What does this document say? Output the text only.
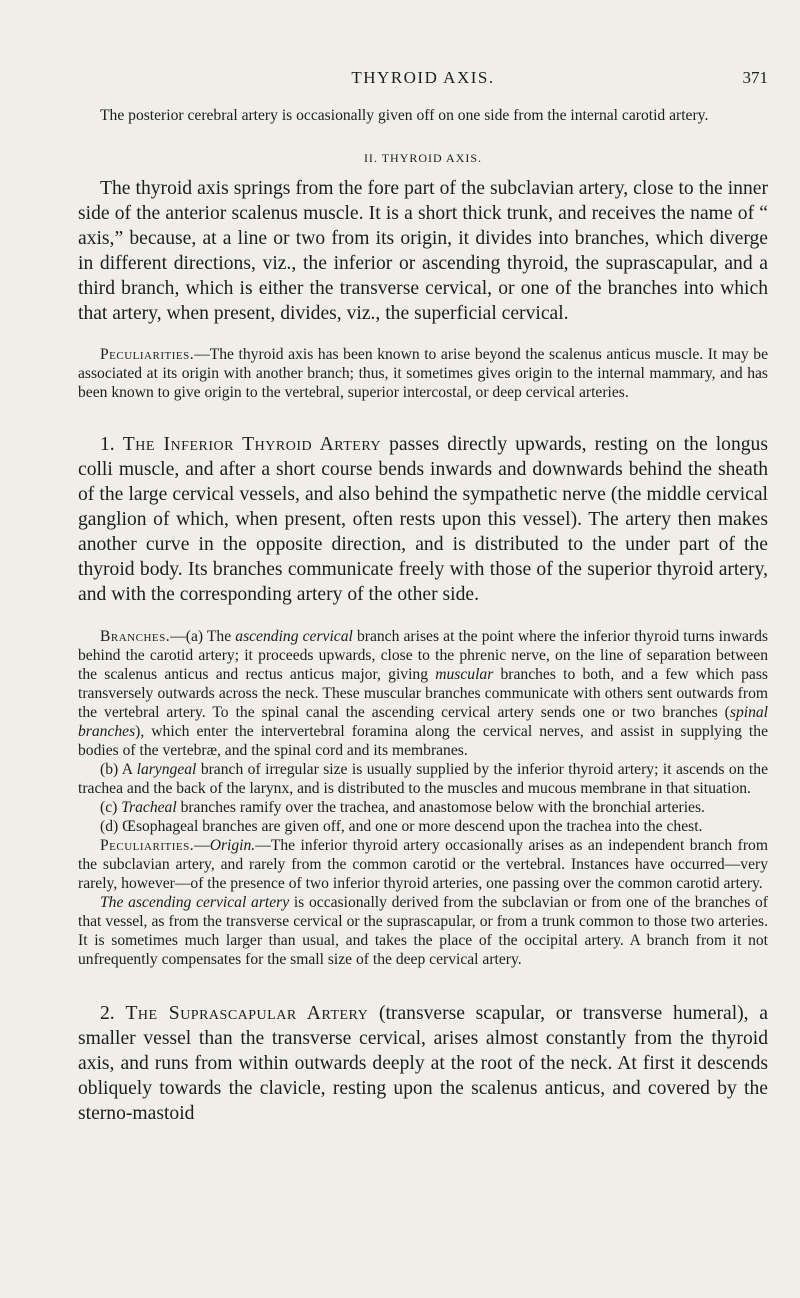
THYROID AXIS.	371

The posterior cerebral artery is occasionally given off on one side from the internal carotid artery.

II. THYROID AXIS.

The thyroid axis springs from the fore part of the subclavian artery, close to the inner side of the anterior scalenus muscle. It is a short thick trunk, and receives the name of “ axis,” because, at a line or two from its origin, it divides into branches, which diverge in different directions, viz., the inferior or ascending thyroid, the suprascapular, and a third branch, which is either the transverse cervical, or one of the branches into which that artery, when present, divides, viz., the superficial cervical.

Peculiarities.—The thyroid axis has been known to arise beyond the scalenus anticus muscle. It may be associated at its origin with another branch; thus, it sometimes gives origin to the internal mammary, and has been known to give origin to the vertebral, superior intercostal, or deep cervical arteries.

1. The Inferior Thyroid Artery passes directly upwards, resting on the longus colli muscle, and after a short course bends inwards and downwards behind the sheath of the large cervical vessels, and also behind the sympathetic nerve (the middle cervical ganglion of which, when present, often rests upon this vessel). The artery then makes another curve in the opposite direction, and is distributed to the under part of the thyroid body. Its branches communicate freely with those of the superior thyroid artery, and with the corresponding artery of the other side.

Branches.—(a) The ascending cervical branch arises at the point where the inferior thyroid turns inwards behind the carotid artery; it proceeds upwards, close to the phrenic nerve, on the line of separation between the scalenus anticus and rectus anticus major, giving muscular branches to both, and a few which pass transversely outwards across the neck. These muscular branches communicate with others sent outwards from the vertebral artery. To the spinal canal the ascending cervical artery sends one or two branches (spinal branches), which enter the intervertebral foramina along the cervical nerves, and assist in supplying the bodies of the vertebræ, and the spinal cord and its membranes.

(b) A laryngeal branch of irregular size is usually supplied by the inferior thyroid artery; it ascends on the trachea and the back of the larynx, and is distributed to the muscles and mucous membrane in that situation.

(c) Tracheal branches ramify over the trachea, and anastomose below with the bronchial arteries.

(d) Œsophageal branches are given off, and one or more descend upon the trachea into the chest.

Peculiarities.—Origin.—The inferior thyroid artery occasionally arises as an independent branch from the subclavian artery, and rarely from the common carotid or the vertebral. Instances have occurred—very rarely, however—of the presence of two inferior thyroid arteries, one passing over the common carotid artery.

The ascending cervical artery is occasionally derived from the subclavian or from one of the branches of that vessel, as from the transverse cervical or the suprascapular, or from a trunk common to those two arteries. It is sometimes much larger than usual, and takes the place of the occipital artery. A branch from it not unfrequently compensates for the small size of the deep cervical artery.

2. The Suprascapular Artery (transverse scapular, or transverse humeral), a smaller vessel than the transverse cervical, arises almost constantly from the thyroid axis, and runs from within outwards deeply at the root of the neck. At first it descends obliquely towards the clavicle, resting upon the scalenus anticus, and covered by the sterno-mastoid
